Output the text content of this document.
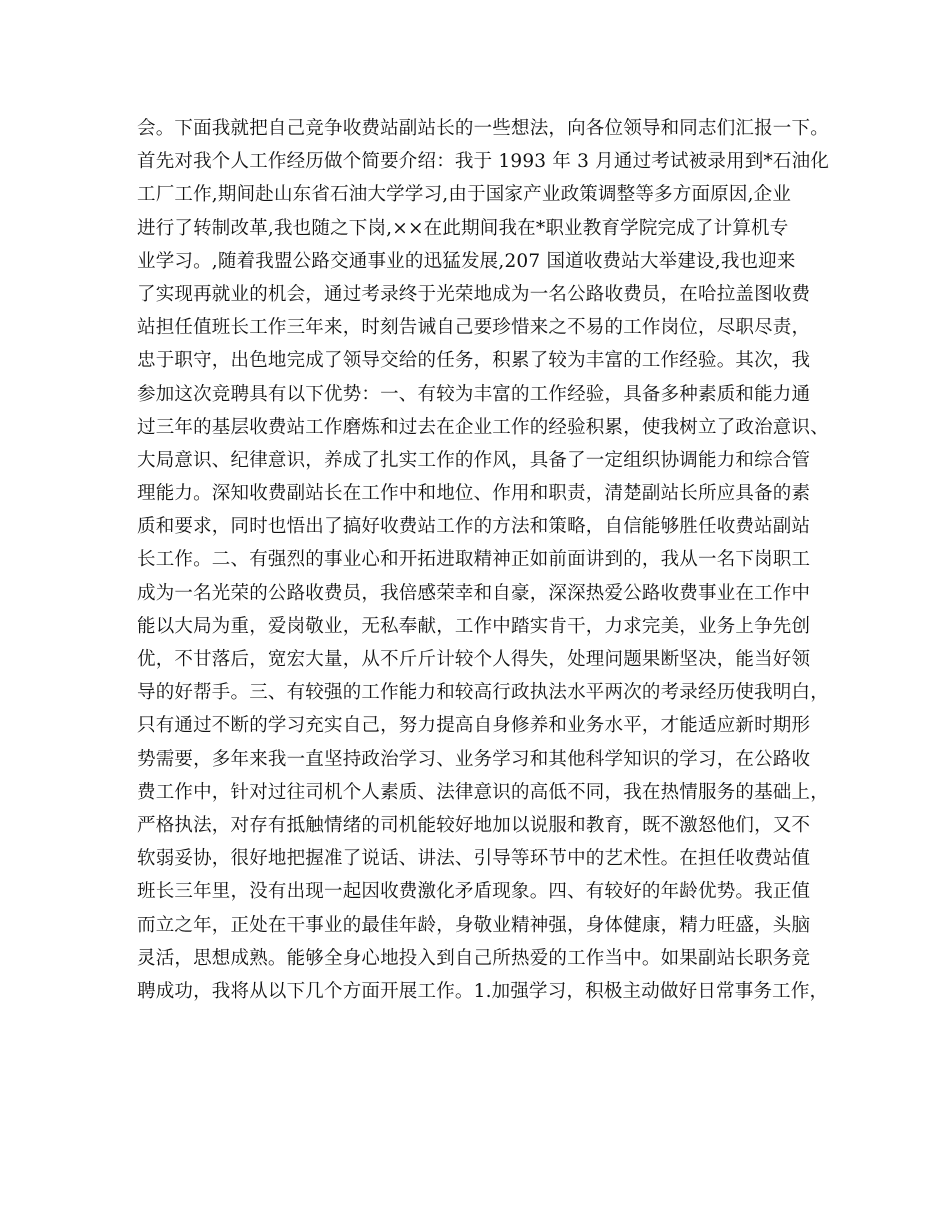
会。下面我就把自己竞争收费站副站长的一些想法，向各位领导和同志们汇报一下。
首先对我个人工作经历做个简要介绍：我于 1993 年 3 月通过考试被录用到*石油化
工厂工作,期间赴山东省石油大学学习,由于国家产业政策调整等多方面原因,企业
进行了转制改革,我也随之下岗,××在此期间我在*职业教育学院完成了计算机专
业学习。,随着我盟公路交通事业的迅猛发展,207 国道收费站大举建设,我也迎来
了实现再就业的机会，通过考录终于光荣地成为一名公路收费员，在哈拉盖图收费
站担任值班长工作三年来，时刻告诫自己要珍惜来之不易的工作岗位，尽职尽责，
忠于职守，出色地完成了领导交给的任务，积累了较为丰富的工作经验。其次，我
参加这次竞聘具有以下优势：一、有较为丰富的工作经验，具备多种素质和能力通
过三年的基层收费站工作磨炼和过去在企业工作的经验积累，使我树立了政治意识、
大局意识、纪律意识，养成了扎实工作的作风，具备了一定组织协调能力和综合管
理能力。深知收费副站长在工作中和地位、作用和职责，清楚副站长所应具备的素
质和要求，同时也悟出了搞好收费站工作的方法和策略，自信能够胜任收费站副站
长工作。二、有强烈的事业心和开拓进取精神正如前面讲到的，我从一名下岗职工
成为一名光荣的公路收费员，我倍感荣幸和自豪，深深热爱公路收费事业在工作中
能以大局为重，爱岗敬业，无私奉献，工作中踏实肯干，力求完美，业务上争先创
优，不甘落后，宽宏大量，从不斤斤计较个人得失，处理问题果断坚决，能当好领
导的好帮手。三、有较强的工作能力和较高行政执法水平两次的考录经历使我明白，
只有通过不断的学习充实自己，努力提高自身修养和业务水平，才能适应新时期形
势需要，多年来我一直坚持政治学习、业务学习和其他科学知识的学习，在公路收
费工作中，针对过往司机个人素质、法律意识的高低不同，我在热情服务的基础上，
严格执法，对存有抵触情绪的司机能较好地加以说服和教育，既不激怒他们，又不
软弱妥协，很好地把握准了说话、讲法、引导等环节中的艺术性。在担任收费站值
班长三年里，没有出现一起因收费激化矛盾现象。四、有较好的年龄优势。我正值
而立之年，正处在干事业的最佳年龄，身敬业精神强，身体健康，精力旺盛，头脑
灵活，思想成熟。能够全身心地投入到自己所热爱的工作当中。如果副站长职务竞
聘成功，我将从以下几个方面开展工作。1.加强学习，积极主动做好日常事务工作，
